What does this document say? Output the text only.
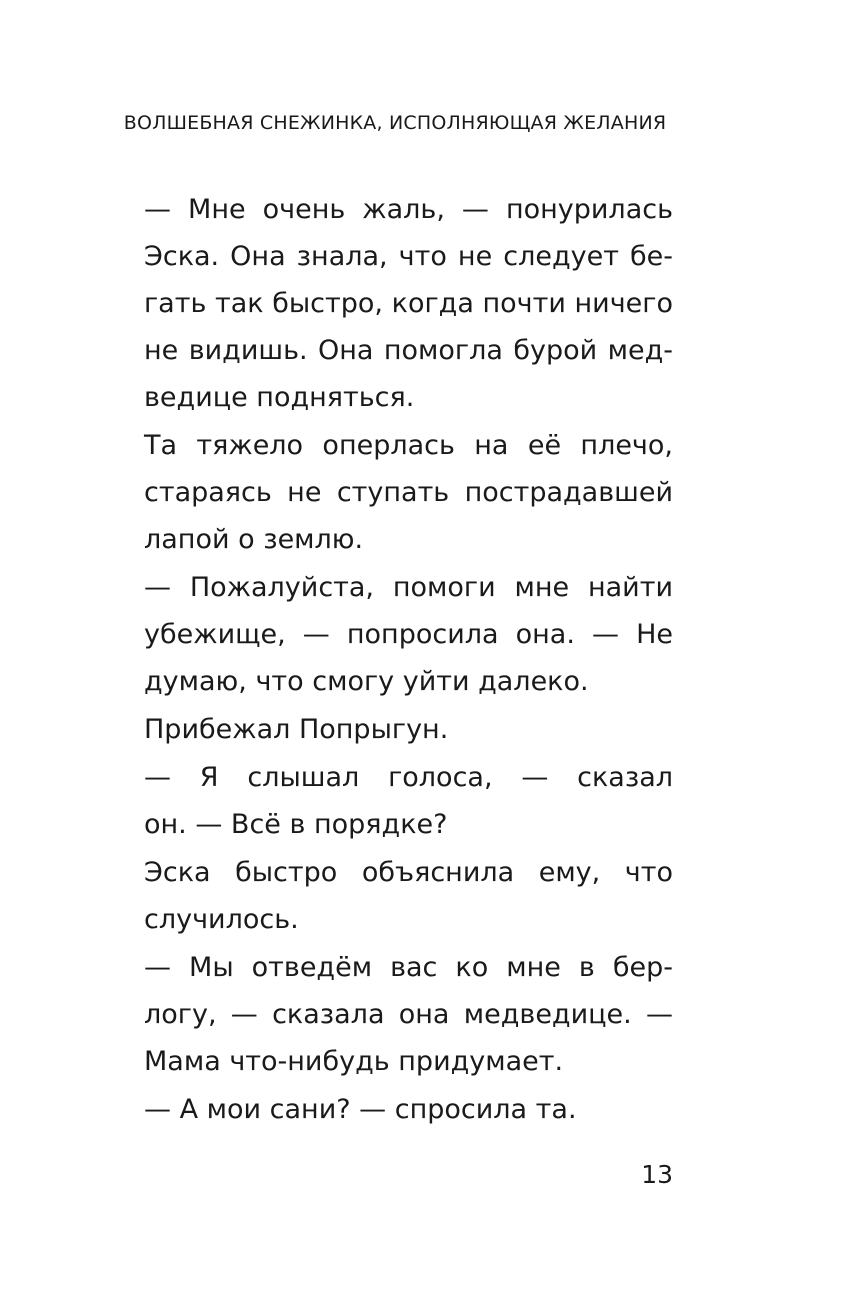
ВОЛШЕБНАЯ СНЕЖИНКА, ИСПОЛНЯЮЩАЯ ЖЕЛАНИЯ

— Мне очень жаль, — понурилась
Эска. Она знала, что не следует бе-
гать так быстро, когда почти ничего
не видишь. Она помогла бурой мед-
ведице подняться.

Та тяжело оперлась на её плечо,
стараясь не ступать пострадавшей
лапой о землю.

— Пожалуйста, помоги мне найти
убежище, — попросила она. — Не
думаю, что смогу уйти далеко.

Прибежал Попрыгун.

— Я слышал голоса, — сказал
он. — Всё в порядке?

Эска быстро объяснила ему, что
случилось.

— Мы отведём вас ко мне в бер-
логу, — сказала она медведице. —
Мама что-нибудь придумает.

— А мои сани? — спросила та.

13
